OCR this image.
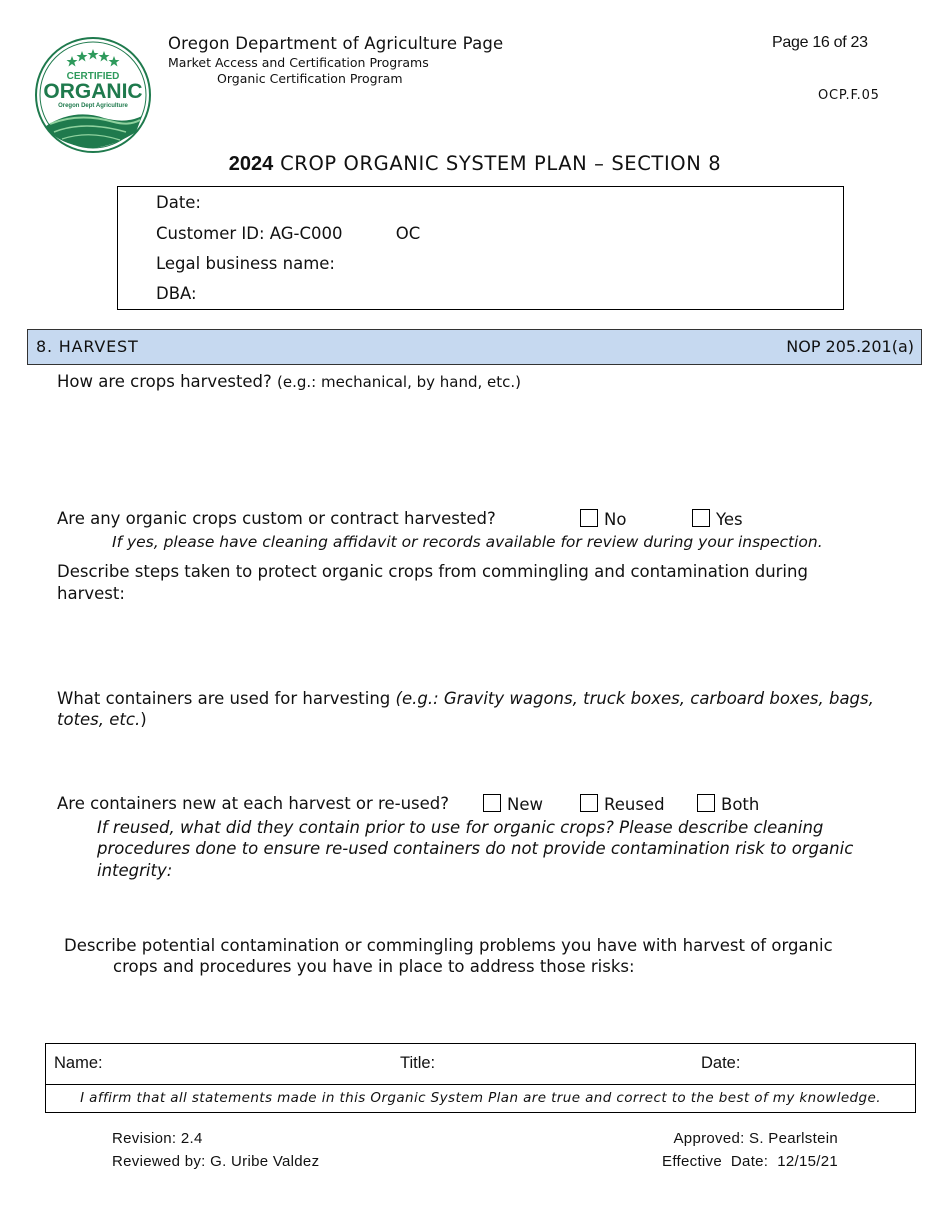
CERTIFIED
ORGANIC
Oregon Dept Agriculture
Oregon Department of Agriculture Page
Market Access and Certification Programs
Organic Certification Program
Page 16 of 23
OCP.F.05
2024 CROP ORGANIC SYSTEM PLAN – SECTION 8
Date:
Customer ID: AG-C000	OC
Legal business name:
DBA:
8. HARVEST	NOP 205.201(a)
How are crops harvested? (e.g.: mechanical, by hand, etc.)
Are any organic crops custom or contract harvested?	No	Yes
If yes, please have cleaning affidavit or records available for review during your inspection.
Describe steps taken to protect organic crops from commingling and contamination during
harvest:
What containers are used for harvesting (e.g.: Gravity wagons, truck boxes, carboard boxes, bags,
totes, etc.)
Are containers new at each harvest or re-used?	New	Reused	Both
If reused, what did they contain prior to use for organic crops? Please describe cleaning
procedures done to ensure re-used containers do not provide contamination risk to organic
integrity:
Describe potential contamination or commingling problems you have with harvest of organic
crops and procedures you have in place to address those risks:
Name:	Title:	Date:
I affirm that all statements made in this Organic System Plan are true and correct to the best of my knowledge.
Revision: 2.4
Reviewed by: G. Uribe Valdez
Approved: S. Pearlstein
Effective  Date:  12/15/21
